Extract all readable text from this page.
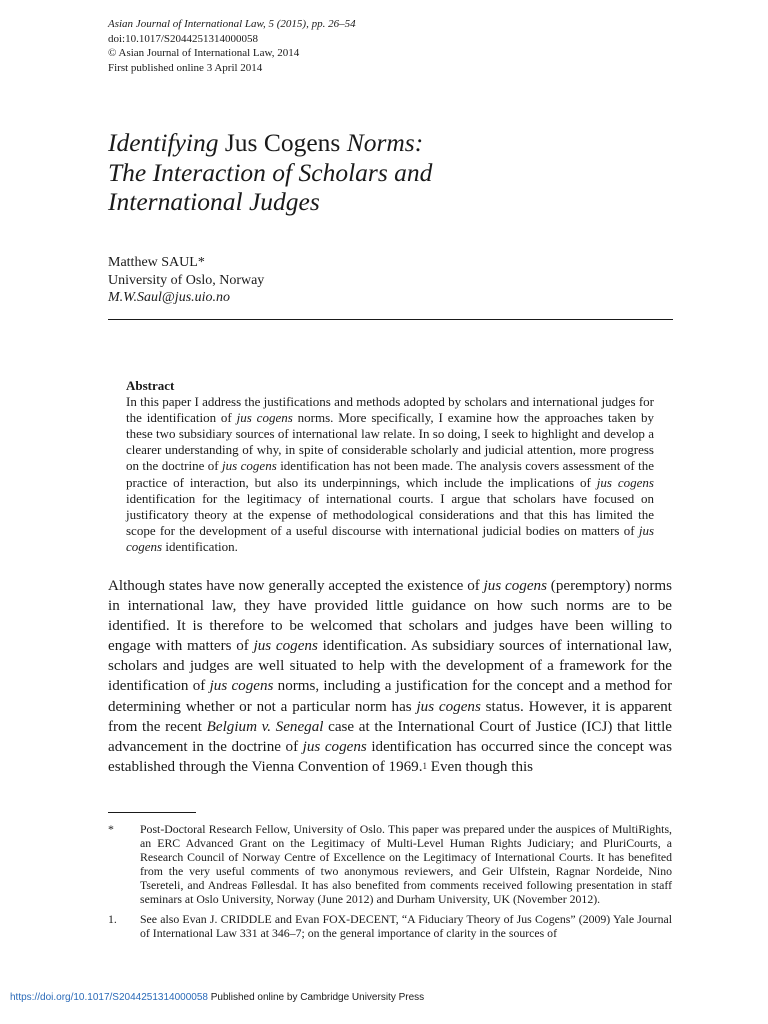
Asian Journal of International Law, 5 (2015), pp. 26–54
doi:10.1017/S2044251314000058
© Asian Journal of International Law, 2014
First published online 3 April 2014
Identifying Jus Cogens Norms:
The Interaction of Scholars and
International Judges
Matthew SAUL*
University of Oslo, Norway
M.W.Saul@jus.uio.no
Abstract
In this paper I address the justifications and methods adopted by scholars and international judges for the identification of jus cogens norms. More specifically, I examine how the approaches taken by these two subsidiary sources of international law relate. In so doing, I seek to highlight and develop a clearer understanding of why, in spite of considerable scholarly and judicial attention, more progress on the doctrine of jus cogens identification has not been made. The analysis covers assessment of the practice of interaction, but also its underpinnings, which include the implications of jus cogens identification for the legitimacy of international courts. I argue that scholars have focused on justificatory theory at the expense of methodological considerations and that this has limited the scope for the development of a useful discourse with international judicial bodies on matters of jus cogens identification.
Although states have now generally accepted the existence of jus cogens (peremptory) norms in international law, they have provided little guidance on how such norms are to be identified. It is therefore to be welcomed that scholars and judges have been willing to engage with matters of jus cogens identification. As subsidiary sources of international law, scholars and judges are well situated to help with the development of a framework for the identification of jus cogens norms, including a justification for the concept and a method for determining whether or not a particular norm has jus cogens status. However, it is apparent from the recent Belgium v. Senegal case at the International Court of Justice (ICJ) that little advancement in the doctrine of jus cogens identification has occurred since the concept was established through the Vienna Convention of 1969.$^1$ Even though this
*	Post-Doctoral Research Fellow, University of Oslo. This paper was prepared under the auspices of MultiRights, an ERC Advanced Grant on the Legitimacy of Multi-Level Human Rights Judiciary; and PluriCourts, a Research Council of Norway Centre of Excellence on the Legitimacy of International Courts. It has benefited from the very useful comments of two anonymous reviewers, and Geir Ulfstein, Ragnar Nordeide, Nino Tsereteli, and Andreas Føllesdal. It has also benefited from comments received following presentation in staff seminars at Oslo University, Norway (June 2012) and Durham University, UK (November 2012).
1.	See also Evan J. CRIDDLE and Evan FOX-DECENT, “A Fiduciary Theory of Jus Cogens” (2009) Yale Journal of International Law 331 at 346–7; on the general importance of clarity in the sources of
https://doi.org/10.1017/S2044251314000058 Published online by Cambridge University Press
